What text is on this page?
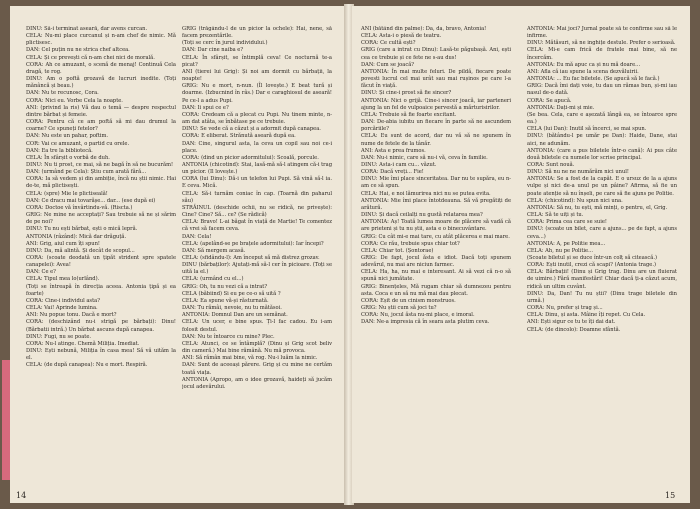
DINU: Să-i terminat aseară, dar avens curcan.

CELA: Nu-mi place curcanul și n-am chef de nimic. Mă plictisesc.

DAN: Cel puțin nu ne strica chef altcea.

CELA: Și ce prevești că n-am chei nici de morală.

CORA: Ah ce amuzant, o scenă de menaj! Continuă Cela dragă, te rog.

DINU: Am o poftă grozavă de lucruri inedite. (Toți mănâncă și beau.)

DAN: Nu te recunosc, Cora.

CORA: Nici eu. Vorbe Cela la noapte.

ANI: (privind la ris) Vă dau o temă — despre respectul dintre bărbat și femeie.

CORA: Pentru că ce am poftă să mi dau drumul la coarne? Ce spuneți fetelor?

DAN: Nu este un pahar, poftim.

COR: Vai ce amuzant, o partid cu orele.

DAN: Ea tre la bibliotecă.

CELA: În sfârșit o vorbă de duh.

DINU: Nu ti prost, ce mai, să ne bagă în să ne bucurăm!

DAN: (urmând pe Cela): Știu cum arată fără...

CORA: Ia să vedem și din ambiție, încă nu știi nimic. Hai de-te, mă plictisești.

CELA: (spre) Mie le plictiseală!

DAN: Ce dracu mai tovarășe... dar... (ese după ei)

CORA: Doctoe vă învârtindu-vă. (Riscta.)

GRIG: Ne mine ne acceptați? Sau trebuie să ne și sărim de pe noi?

DINU: Tu nu ești bărbat, ești o mică lepră.

ANTONIA (râzând): Mică dar drăguță.

ANI: Grig, aiul cum îți spun!

DINU: Da, mă alintă. Și decât de scopul...

CORA: (scoate deodată un țipăt strident spre spatele canapelei): Avea!

DAN: Ce e?

CELA: Tipul mea lo(urlând).

(Toți se întreapă în direcția aceea. Antonia țipă și ea foarte)

CORA: Cine-i individul asta?

CELA: Vai! Aprinde lumina.

ANI: Nu popue tonu. Dacă e mort?

CORA: (deschizând nu-i strigă pe bărbați): Dinu! (Bărbatii intră.) Un bărbat ascuns după canapea.

DINU: Fugi, nu se poate.

CORA: Nu-l atinge. Chemă Miliția. Imediat.

DINU: Ești nebună, Miliția în casa mea! Să vă uităm la el.

CELA: (de după canapea): Nu e mort. Respiră.

GRIG (trăgându-l de un picior la ochele): Hai, nene, să facem prezentările.

(Toți se cerc în jurul individului.)

DAN: Dar cine naiba e?

CELA: În sfârșit, se întimplă ceva! Ce nocturnă te-a picat?

ANI (tierei lui Grig): Și noi am dormit cu bărbații, la noapte!

GRIG: Nu e mort, n-nun. (Îl lovește.) E beat tură și doarme. (Izbucnind în râs.) Dar e caraghiosul de aseară! Pe ce-l a adus Pupi.

DAN: Ii spui ce e?

CORA: Credeam că a plecat cu Pupi. Nu tinem minte, n-am dat atâta, se înbătase pe ce trebuie.

DINU: Se vede că a căzut și a adormit după canapea.

CORA: E eliberat. Strănută aseară după ea.

DAN: Cine, singurul asta, la ceva un copil sau noi ce-i place.

CORA: (dind un picior adormitului): Scoală, porcule.

ANTONIA (chicotind): Stai, lasă-mă să-l atingem că-i trag un picior. (Il lovește.)

CORA (lui Dinu): Dă-i un telefon lui Pupi. Să vină să-l ia. E ceva. Mică.

CELA: Să-i turnăm coniac în cap. (Toarnă din paharul său)

STRĂINUL (deschide ochii, nu se ridică, ne privește): Cine? Cine? Să... ce? (Se rădică)

CELA: Bravo! L-ai băgat în viață de Martie! Te comentez că vrei să facem ceva.

DAN: Cela!

CELA: (apelând-se pe brațele adormitului): Iar începi?

DAN: Să mergem acasă.

CELA: (sfidându-l): Am început să mă distrez grozav.

DINU (bărbaților): Ajutați-mă să-l cer în picioare. (Toți se uită la el.)

CELA: (urmând cu el...)

GRIG: Oh, tu nu vezi că a intrat?

CELA (băbiind) Si eu pe ce-o să uită ?

CELA: Ea spune vă-și răsturnată.

DAN: Tu rămâi, nevoie, nu tu mătăsoi.

ANTONIA: Domnul Dan are un semănat.

CELA: Un ucer, e bine spus. Ți-l fac cadou. Eu i-am folosit destul.

DAN: Nu te întoarce cu mine? Plec.

CELA: Atunci, ce se întâmplă? (Dinu și Grig scot beliv din cameră.) Mai bine rămână. Nu mă provoca.

ANI: Să rămân mai bine, vă rog. Nu-i luăm la nimic.

DAN: Sunt de aceeași părere. Grig și cu mine ne certăm toată viața.

ANTONIA (Apropo, am o idee grozavă, haideți să jucăm jocul adevărului.

14

ANI (bătând din palme): Da, da, bravo, Antonia!

CELA: Asta-i o piesă de teatru.

CORA: Ce cultă ești?

GRIG (care a intrat cu Dinu): Lasă-te păgubașă. Ani, ești cea ce trebuie și ce fete ne s-au dus!

DAN: Cum se joacă?

ANTONIA: În mai multe feluri. De pildă, fiecare poate povesti lucrul cel mai urât sau mai rușinos pe care l-a făcut în viață.

DINU: Și cine-i prost să fie sincer?

ANTONIA: Nici o grijă. Cine-i sincer joacă, iar parteneri ajung la un fel de vulpoaice pervestă a mărturisirilor.

CELA: Trebuie să fie foarte excitant.

DAN: De-abia iubitu un fiecare în parte să ne ascundem porcăriile?

CELA: Eu sunt de acord, dar nu vă să ne spunem în nume de fetele de la tânăr.

ANI: Asta e prea frumos.

DAN: Nu-i nimic, care să nu-i vă, ceva în familie.

DINU: Asta-i cam cu... văzut.

CORA: Dacă vreți... Fie!

DINU: Mie îmi place sinceritatea. Dar nu te supăra, eu n-am ce să spun.

CELA: Hai, e noi lămurirea nici nu se putea evita.

ANTONIA: Mie îmi place întotdeauna. Să vă pregătiți de arătură.

DINU: Și dacă ceilalți nu gustă relatarea mea?

ANTONIA: Aș! Toată lumea moare de plăcere să vadă că are prieteni și tu nu știi, asta e o binecuvântare.

GRIG: Cu cât mi-e mai tare, cu atât plăcerea e mai mare.

CORA: Ce rău, trebuie spus chiar tot?

CELA: Chiar tot. (Șontorae)

GRIG: De fapt, jocul ăsta e idiot. Dacă toți spunem adevărul, nu mai are niciun farmec.

CELA: Ha, ha, nu mai e interesant. Ai să vezi că n-o să spună nici jumătate.

GRIG: Binențeles, Mă rugam chiar să dumnezeu pentru asta. Coca e un să nu mă mai dau plecat.

CORA: Eșit de un cinism monstruos.

GRIG: Nu știi cum să joci tu?

CORA: Nu, jocul ăsta nu-mi place, e imoral.

DAN: Ne-a impresia că în seara asta plutim ceva.

ANTONIA: Mai joci? Jurnal poate să te confirme sau să le infirme.

DINU: Mătăsuri, să ne inghițe destule. Prefer o serioasă.

CELA: Mi-e cam frică de fratele mai bine, să ne încercăm.

ANTONIA: Eu mă apuc ca și nu mă doare...

ANI: Afla că iau spune la scena dezvăluirii.

ANTONIA: ... Eu fac biletele. (Se apucă să le facă.)

GRIG: Dacă îmi dați voie, tu dau un rămas bun, și-mi iau nasul de-o dată.

CORA: Se apucă.

ANTONIA: Dați-mi și mie.

(Se bea. Cela, care e așezată lângă ea, se întoarce spre ea.)

CELA (lui Dan): Inutil să încerci, se mai spun.

DINU: (bătându-l pe umăr pe Dan): Haide, Dane, stai aici, ne adunăm.

ANTONIA: (care a pus biletele într-o cană): Ai pus câte două biletele cu numele lor scrise principal.

CORA: Sunt nouă.

DINU: Să nu ne ne numărăm nici unul!

ANTONIA: Se a fost de la capăt. E o ursuz de la a ajuns vulpe și nici de-a unul pe un pâine? Afirma, să fie un poate atenție să nu înșeli, pe care să fie ajuns pe Politie.

CELA: (chicotind): Nu spun nici una.

ANTONIA: Să nu, tu ești, mă minți, o pentru, el, Grig.

CELA: Să te uiți și tu.

CORA: Prima cea care se suie!

DINU: (scoate un bilet, care a ajuns... pe de fapt, a ajuns ceva...)

ANTONIA: A, pe Politie mea...

CELA: Ah, nu pe Politie...

(Scoate biletul și se duce într-un colț să citească.)

CORA: Ești inutil, crezi că scapi? (Antonia trage.)

CELA: Bărbații! (Dinu și Grig trag. Dinu are un fluierat de uimire.) Fără manifestări! Chiar dacă ți-a căzut acum, ridică un ultim cuvânt.

DINU: Da, Dan! Tu nu știi? (Dinu trage biletele din urmă.)

CORA: Nu, prefer și trag și...

CELA: Dinu, și asta. Mâine îți repet. Cu Cela.

ANI: Ești sigur ce tu te îți dai dat.

CELA: (de dincolo): Doamne sfântă.

15
